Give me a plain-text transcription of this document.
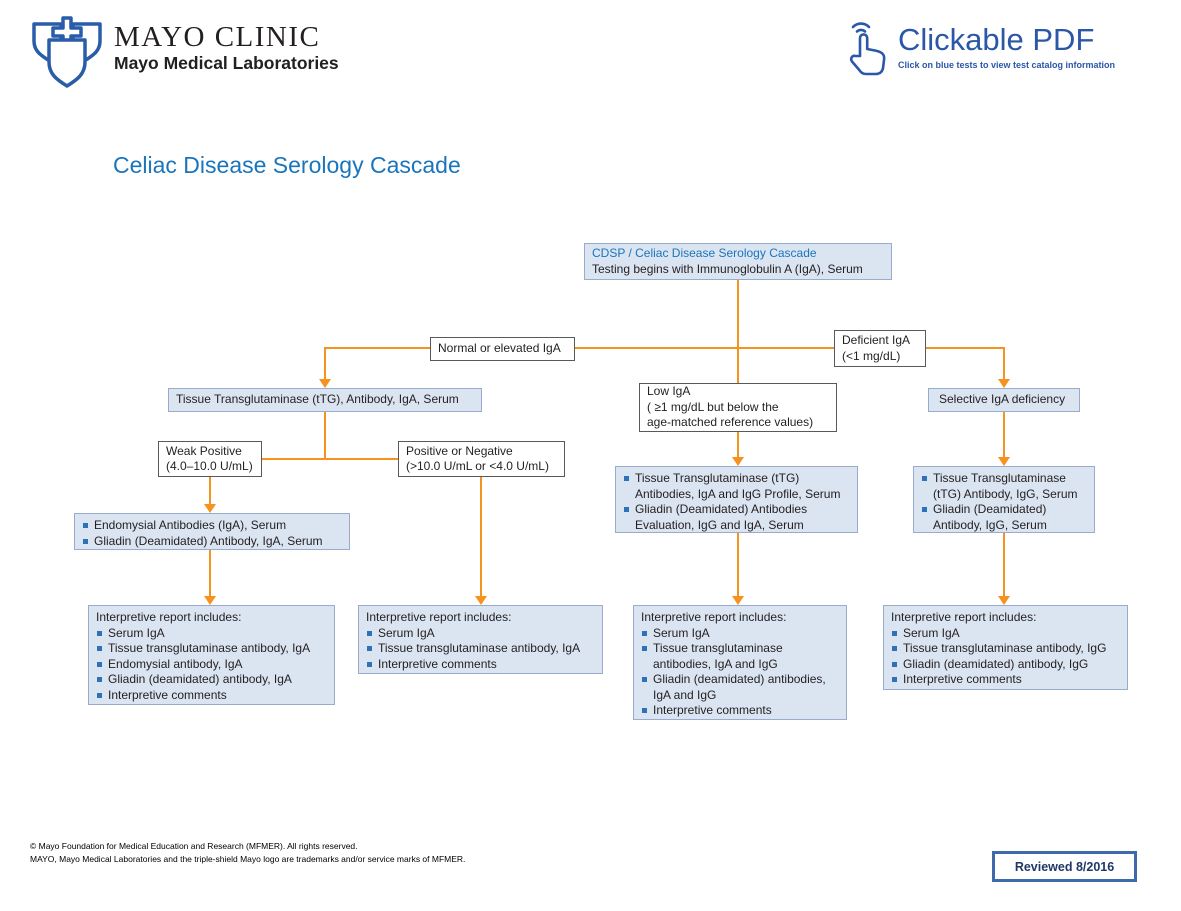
MAYO CLINIC
Mayo Medical Laboratories
Clickable PDF
Click on blue tests to view test catalog information
Celiac Disease Serology Cascade
CDSP / Celiac Disease Serology Cascade
Testing begins with Immunoglobulin A (IgA), Serum
Normal or elevated IgA
Deficient IgA
(<1 mg/dL)
Low IgA
( ≥1 mg/dL but below the
age-matched reference values)
Tissue Transglutaminase (tTG), Antibody, IgA, Serum	Selective IgA deficiency
Weak Positive
(4.0–10.0 U/mL)
Positive or Negative
(>10.0 U/mL or <4.0 U/mL)
Endomysial Antibodies (IgA), Serum
Gliadin (Deamidated) Antibody, IgA, Serum
Tissue Transglutaminase (tTG) Antibodies, IgA and IgG Profile, Serum
Gliadin (Deamidated) Antibodies Evaluation, IgG and IgA, Serum
Tissue Transglutaminase (tTG) Antibody, IgG, Serum
Gliadin (Deamidated) Antibody, IgG, Serum
Interpretive report includes:
Serum IgA
Tissue transglutaminase antibody, IgA
Endomysial antibody, IgA
Gliadin (deamidated) antibody, IgA
Interpretive comments
Interpretive report includes:
Serum IgA
Tissue transglutaminase antibody, IgA
Interpretive comments
Interpretive report includes:
Serum IgA
Tissue transglutaminase antibodies, IgA and IgG
Gliadin (deamidated) antibodies, IgA and IgG
Interpretive comments
Interpretive report includes:
Serum IgA
Tissue transglutaminase antibody, IgG
Gliadin (deamidated) antibody, IgG
Interpretive comments
© Mayo Foundation for Medical Education and Research (MFMER). All rights reserved.
MAYO, Mayo Medical Laboratories and the triple-shield Mayo logo are trademarks and/or service marks of MFMER.
Reviewed 8/2016
